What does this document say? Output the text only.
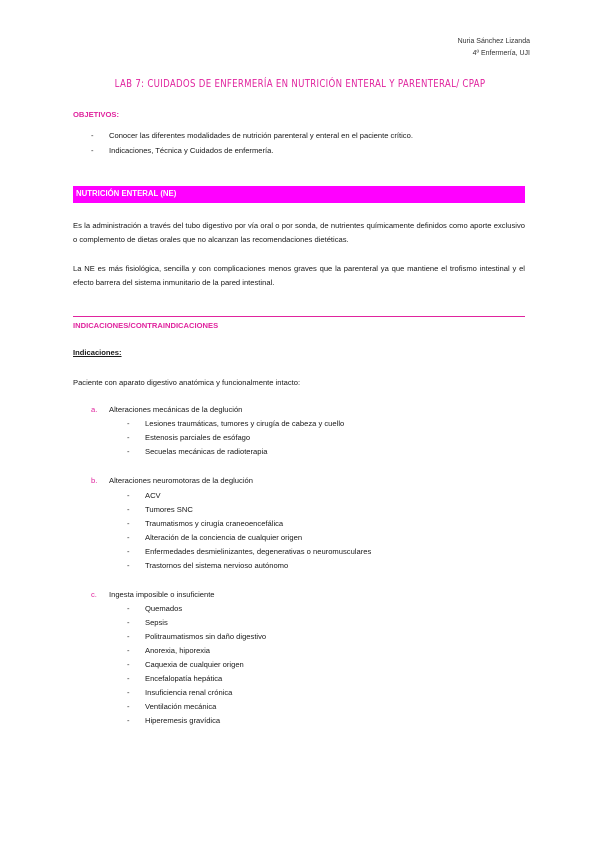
Nuria Sánchez Lizanda
4º Enfermería, UJI
LAB 7: CUIDADOS DE ENFERMERÍA EN NUTRICIÓN ENTERAL Y PARENTERAL/ CPAP
OBJETIVOS:
- Conocer las diferentes modalidades de nutrición parenteral y enteral en el paciente crítico.
- Indicaciones, Técnica y Cuidados de enfermería.
NUTRICIÓN ENTERAL (NE)
Es la administración a través del tubo digestivo por vía oral o por sonda, de nutrientes químicamente definidos como aporte exclusivo o complemento de dietas orales que no alcanzan las recomendaciones dietéticas.
La NE es más fisiológica, sencilla y con complicaciones menos graves que la parenteral ya que mantiene el trofismo intestinal y el efecto barrera del sistema inmunitario de la pared intestinal.
INDICACIONES/CONTRAINDICACIONES
Indicaciones:
Paciente con aparato digestivo anatómica y funcionalmente intacto:
a. Alteraciones mecánicas de la deglución
- Lesiones traumáticas, tumores y cirugía de cabeza y cuello
- Estenosis parciales de esófago
- Secuelas mecánicas de radioterapia
b. Alteraciones neuromotoras de la deglución
- ACV
- Tumores SNC
- Traumatismos y cirugía craneoencefálica
- Alteración de la conciencia de cualquier origen
- Enfermedades desmielinizantes, degenerativas o neuromusculares
- Trastornos del sistema nervioso autónomo
c. Ingesta imposible o insuficiente
- Quemados
- Sepsis
- Politraumatismos sin daño digestivo
- Anorexia, hiporexia
- Caquexia de cualquier origen
- Encefalopatía hepática
- Insuficiencia renal crónica
- Ventilación mecánica
- Hiperemesis gravídica
